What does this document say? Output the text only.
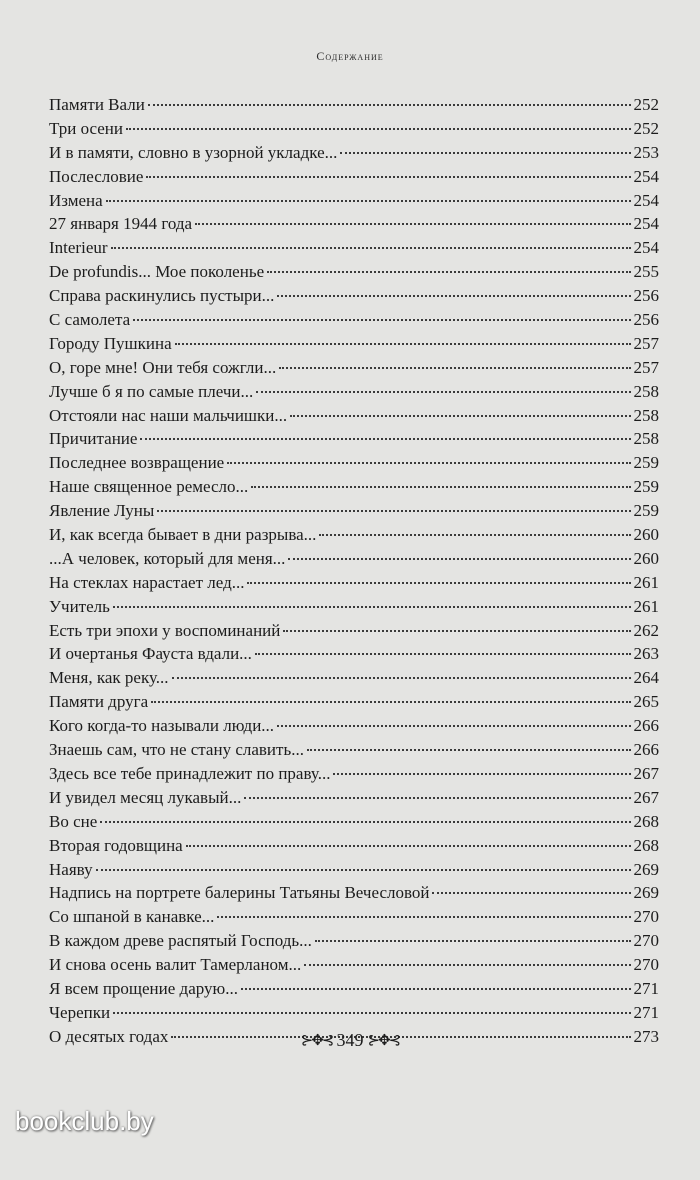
Содержание
Памяти Вали	252
Три осени	252
И в памяти, словно в узорной укладке...	253
Послесловие	254
Измена	254
27 января 1944 года	254
Interieur	254
De profundis... Мое поколенье	255
Справа раскинулись пустыри...	256
С самолета	256
Городу Пушкина	257
О, горе мне! Они тебя сожгли...	257
Лучше б я по самые плечи...	258
Отстояли нас наши мальчишки...	258
Причитание	258
Последнее возвращение	259
Наше священное ремесло...	259
Явление Луны	259
И, как всегда бывает в дни разрыва...	260
...А человек, который для меня...	260
На стеклах нарастает лед...	261
Учитель	261
Есть три эпохи у воспоминаний	262
И очертанья Фауста вдали...	263
Меня, как реку...	264
Памяти друга	265
Кого когда-то называли люди...	266
Знаешь сам, что не стану славить...	266
Здесь все тебе принадлежит по праву...	267
И увидел месяц лукавый...	267
Во сне	268
Вторая годовщина	268
Наяву	269
Надпись на портрете балерины Татьяны Вечесловой	269
Со шпаной в канавке...	270
В каждом древе распятый Господь...	270
И снова осень валит Тамерланом...	270
Я всем прощение дарую...	271
Черепки	271
О десятых годах	273
⊱✥⊰ 349 ⊱✥⊰
bookclub.by
